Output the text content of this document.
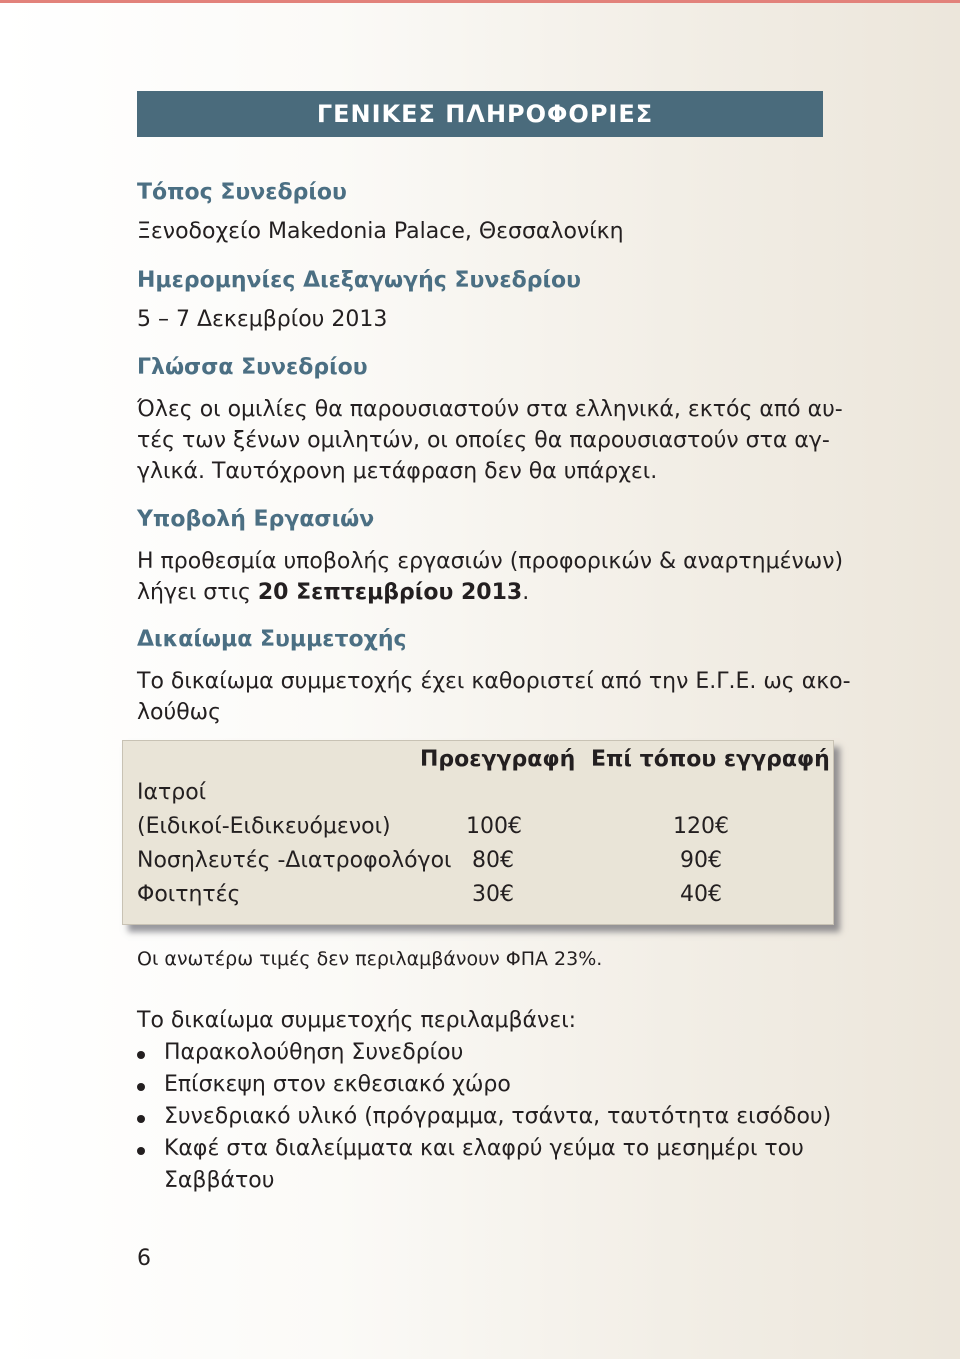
ΓΕΝΙΚΕΣ ΠΛΗΡΟΦΟΡΙΕΣ
Τόπος Συνεδρίου
Ξενοδοχείο Makedonia Palace, Θεσσαλονίκη
Ημερομηνίες Διεξαγωγής Συνεδρίου
5 – 7 Δεκεμβρίου 2013
Γλώσσα Συνεδρίου
Όλες οι ομιλίες θα παρουσιαστούν στα ελληνικά, εκτός από αυ-
τές των ξένων ομιλητών, οι οποίες θα παρουσιαστούν στα αγ-
γλικά. Ταυτόχρονη μετάφραση δεν θα υπάρχει.
Υποβολή Εργασιών
Η προθεσμία υποβολής εργασιών (προφορικών & αναρτημένων)
λήγει στις 20 Σεπτεμβρίου 2013.
Δικαίωμα Συμμετοχής
Το δικαίωμα συμμετοχής έχει καθοριστεί από την Ε.Γ.Ε. ως ακο-
λούθως
Προεγγραφή Επί τόπου εγγραφή
Ιατροί
(Ειδικοί-Ειδικευόμενοι)	100€	120€
Νοσηλευτές -Διατροφολόγοι 80€	90€
Φοιτητές	30€	40€
Οι ανωτέρω τιμές δεν περιλαμβάνουν ΦΠΑ 23%.
Το δικαίωμα συμμετοχής περιλαμβάνει:
Παρακολούθηση Συνεδρίου
Επίσκεψη στον εκθεσιακό χώρο
Συνεδριακό υλικό (πρόγραμμα, τσάντα, ταυτότητα εισόδου)
Καφέ στα διαλείμματα και ελαφρύ γεύμα το μεσημέρι του
Σαββάτου
6
